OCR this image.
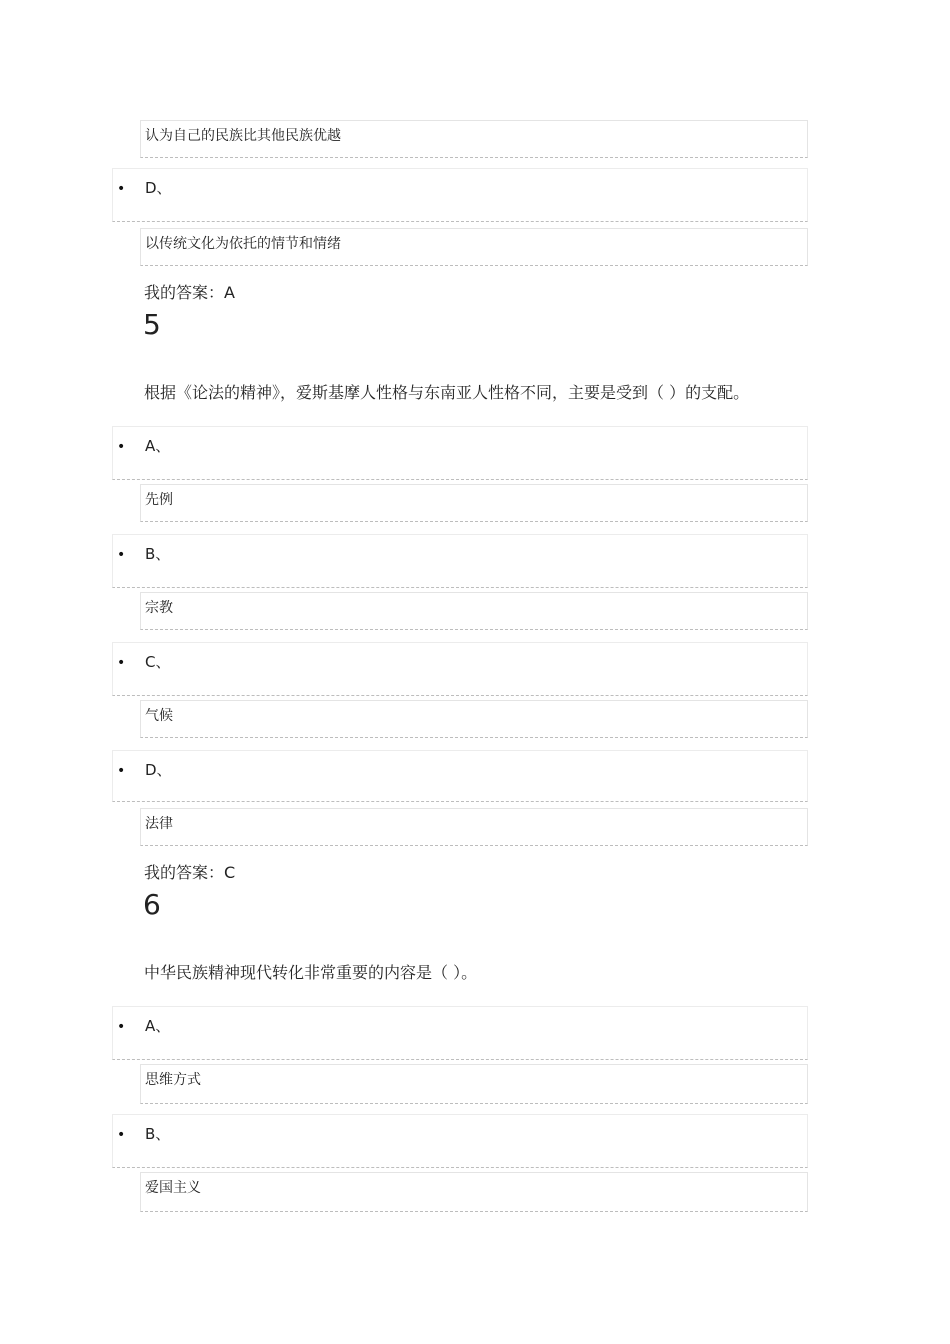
认为自己的民族比其他民族优越
• D、
以传统文化为依托的情节和情绪
我的答案：A
5
根据《论法的精神》，爱斯基摩人性格与东南亚人性格不同，主要是受到（ ）的支配。
• A、
先例
• B、
宗教
• C、
气候
• D、
法律
我的答案：C
6
中华民族精神现代转化非常重要的内容是（ ）。
• A、
思维方式
• B、
爱国主义
